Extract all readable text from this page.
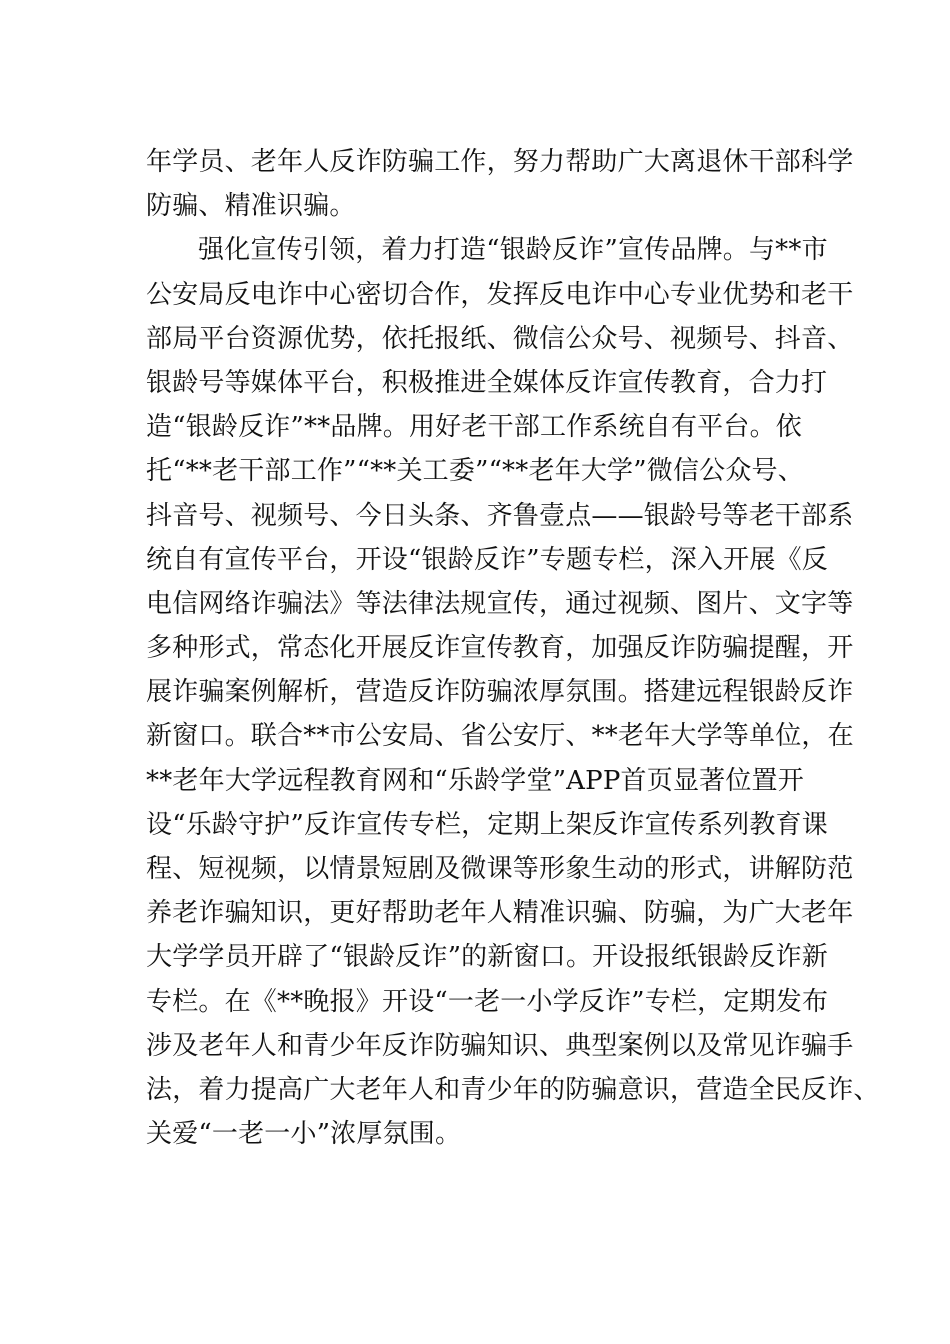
年学员、老年人反诈防骗工作，努力帮助广大离退休干部科学
防骗、精准识骗。
强化宣传引领，着力打造“银龄反诈”宣传品牌。与**市
公安局反电诈中心密切合作，发挥反电诈中心专业优势和老干
部局平台资源优势，依托报纸、微信公众号、视频号、抖音、
银龄号等媒体平台，积极推进全媒体反诈宣传教育，合力打
造“银龄反诈”**品牌。用好老干部工作系统自有平台。依
托“**老干部工作”“**关工委”“**老年大学”微信公众号、
抖音号、视频号、今日头条、齐鲁壹点——银龄号等老干部系
统自有宣传平台，开设“银龄反诈”专题专栏，深入开展《反
电信网络诈骗法》等法律法规宣传，通过视频、图片、文字等
多种形式，常态化开展反诈宣传教育，加强反诈防骗提醒，开
展诈骗案例解析，营造反诈防骗浓厚氛围。搭建远程银龄反诈
新窗口。联合**市公安局、省公安厅、**老年大学等单位，在
**老年大学远程教育网和“乐龄学堂”APP首页显著位置开
设“乐龄守护”反诈宣传专栏，定期上架反诈宣传系列教育课
程、短视频，以情景短剧及微课等形象生动的形式，讲解防范
养老诈骗知识，更好帮助老年人精准识骗、防骗，为广大老年
大学学员开辟了“银龄反诈”的新窗口。开设报纸银龄反诈新
专栏。在《**晚报》开设“一老一小学反诈”专栏，定期发布
涉及老年人和青少年反诈防骗知识、典型案例以及常见诈骗手
法，着力提高广大老年人和青少年的防骗意识，营造全民反诈、
关爱“一老一小”浓厚氛围。
